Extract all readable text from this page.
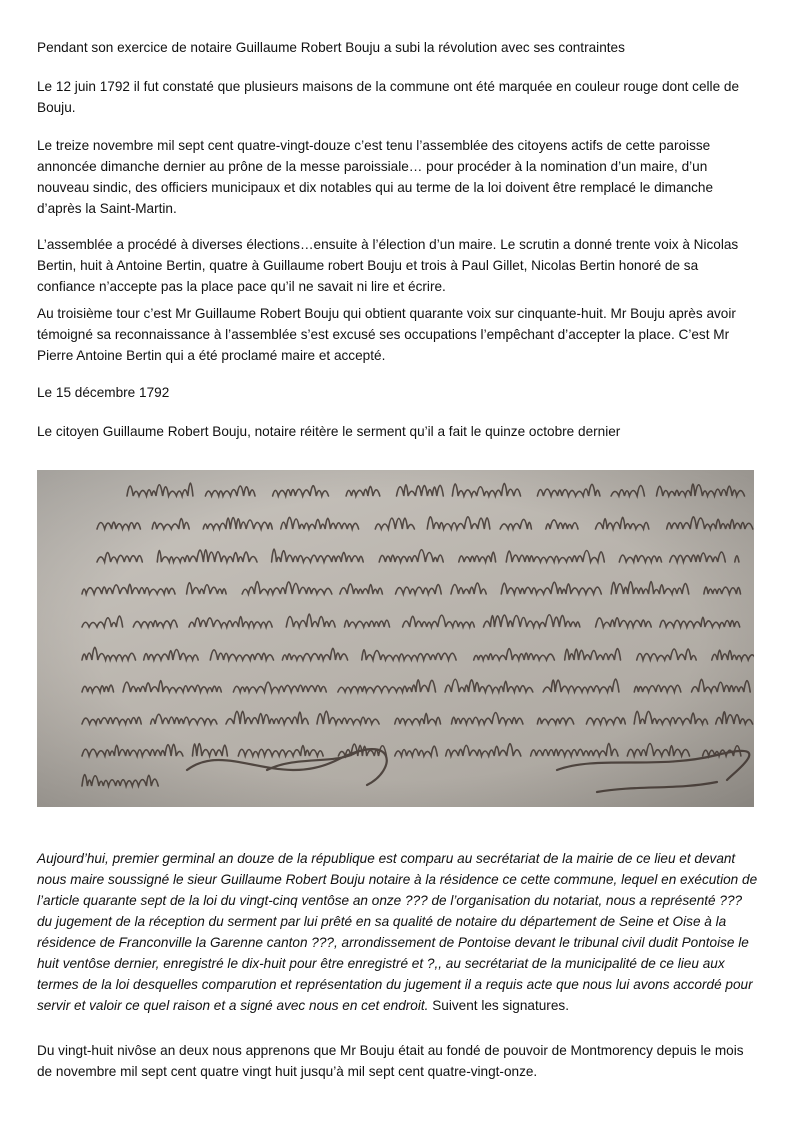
Pendant son exercice de notaire Guillaume Robert Bouju a subi la révolution avec ses contraintes

Le 12 juin 1792 il fut constaté que plusieurs maisons de la commune ont été marquée en couleur rouge dont celle de Bouju.

Le treize novembre mil sept cent quatre-vingt-douze c’est tenu l’assemblée des citoyens actifs de cette paroisse annoncée dimanche dernier au prône de la messe paroissiale… pour procéder à la nomination d’un maire, d’un nouveau sindic, des officiers municipaux et dix notables qui au terme de la loi doivent être remplacé le dimanche d’après la Saint-Martin.

L’assemblée a procédé à diverses élections…ensuite à l’élection d’un maire. Le scrutin a donné trente voix à Nicolas Bertin, huit à Antoine Bertin, quatre à Guillaume robert Bouju et trois à Paul Gillet, Nicolas Bertin honoré de sa confiance n’accepte pas la place pace qu’il ne savait ni lire et écrire.

Au troisième tour c’est Mr Guillaume Robert Bouju qui obtient quarante voix sur cinquante-huit. Mr Bouju après avoir témoigné sa reconnaissance à l’assemblée s’est excusé ses occupations l’empêchant d’accepter la place. C’est Mr Pierre Antoine Bertin qui a été proclamé maire et accepté.

Le 15 décembre 1792

Le citoyen Guillaume Robert Bouju, notaire réitère le serment qu’il a fait le quinze octobre dernier

Aujourd’hui, premier germinal an douze de la république est comparu au secrétariat de la mairie de ce lieu et devant nous maire soussigné le sieur Guillaume Robert Bouju notaire à la résidence ce cette commune, lequel en exécution de l’article quarante sept de la loi du vingt-cinq ventôse an onze ??? de l’organisation du notariat, nous a représenté ??? du jugement de la réception du serment par lui prêté en sa qualité de notaire du département de Seine et Oise à la résidence de Franconville la Garenne canton ???, arrondissement de Pontoise devant le tribunal civil dudit Pontoise le huit ventôse dernier, enregistré le dix-huit pour être enregistré et ?,, au secrétariat de la municipalité de ce lieu aux termes de la loi desquelles comparution et représentation du jugement il a requis acte que nous lui avons accordé pour servir et valoir ce quel raison et a signé avec nous en cet endroit. Suivent les signatures.

Du vingt-huit nivôse an deux nous apprenons que Mr Bouju était au fondé de pouvoir de Montmorency depuis le mois de novembre mil sept cent quatre vingt huit jusqu’à mil sept cent quatre-vingt-onze.
